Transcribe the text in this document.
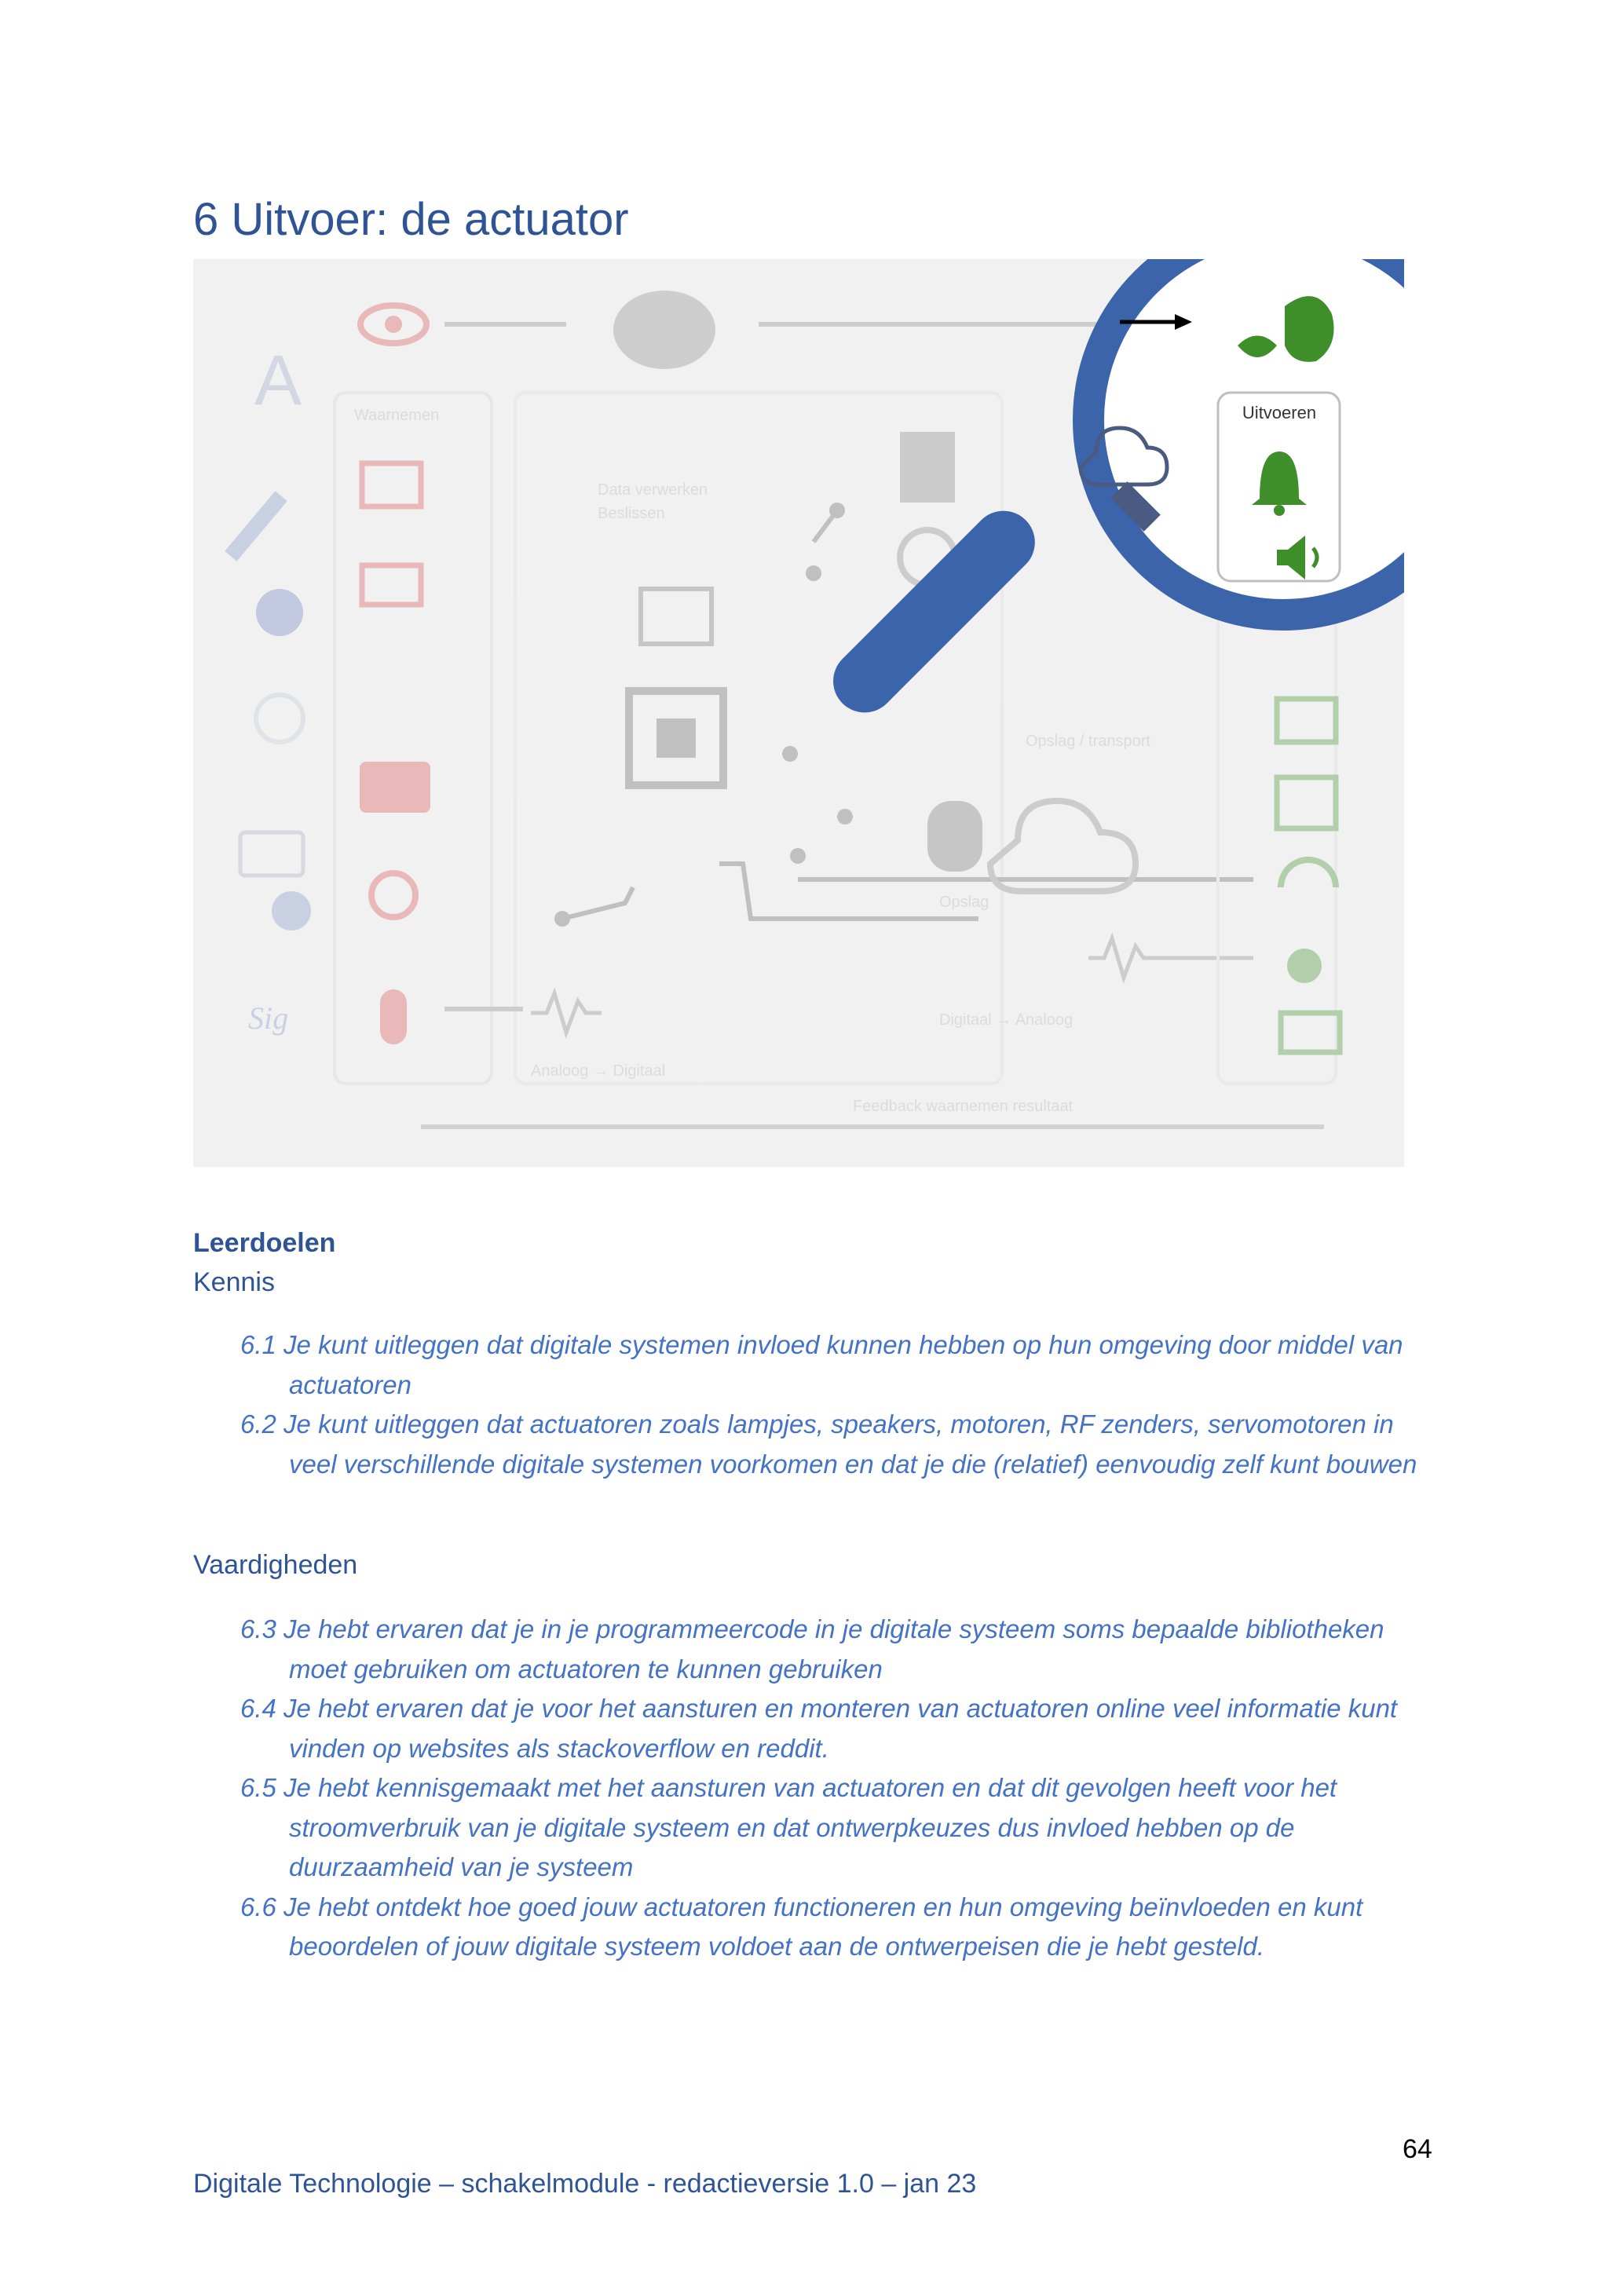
6 Uitvoer: de actuator
A
Sig
Waarnemen
Data verwerken
Beslissen
Opslag
Opslag / transport
Analoog → Digitaal
Digitaal → Analoog
Feedback waarnemen resultaat
Uitvoeren
Leerdoelen
Kennis
6.1 Je kunt uitleggen dat digitale systemen invloed kunnen hebben op hun omgeving door middel van actuatoren
6.2 Je kunt uitleggen dat actuatoren zoals lampjes, speakers, motoren, RF zenders, servomotoren in veel verschillende digitale systemen voorkomen en dat je die (relatief) eenvoudig zelf kunt bouwen
Vaardigheden
6.3 Je hebt ervaren dat je in je programmeercode in je digitale systeem soms bepaalde bibliotheken moet gebruiken om actuatoren te kunnen gebruiken
6.4 Je hebt ervaren dat je voor het aansturen en monteren van actuatoren online veel informatie kunt vinden op websites als stackoverflow en reddit.
6.5 Je hebt kennisgemaakt met het aansturen van actuatoren en dat dit gevolgen heeft voor het stroomverbruik van je digitale systeem en dat ontwerpkeuzes dus invloed hebben op de duurzaamheid van je systeem
6.6 Je hebt ontdekt hoe goed jouw actuatoren functioneren en hun omgeving beïnvloeden en kunt beoordelen of jouw digitale systeem voldoet aan de ontwerpeisen die je hebt gesteld.
64
Digitale Technologie – schakelmodule - redactieversie 1.0 – jan 23
